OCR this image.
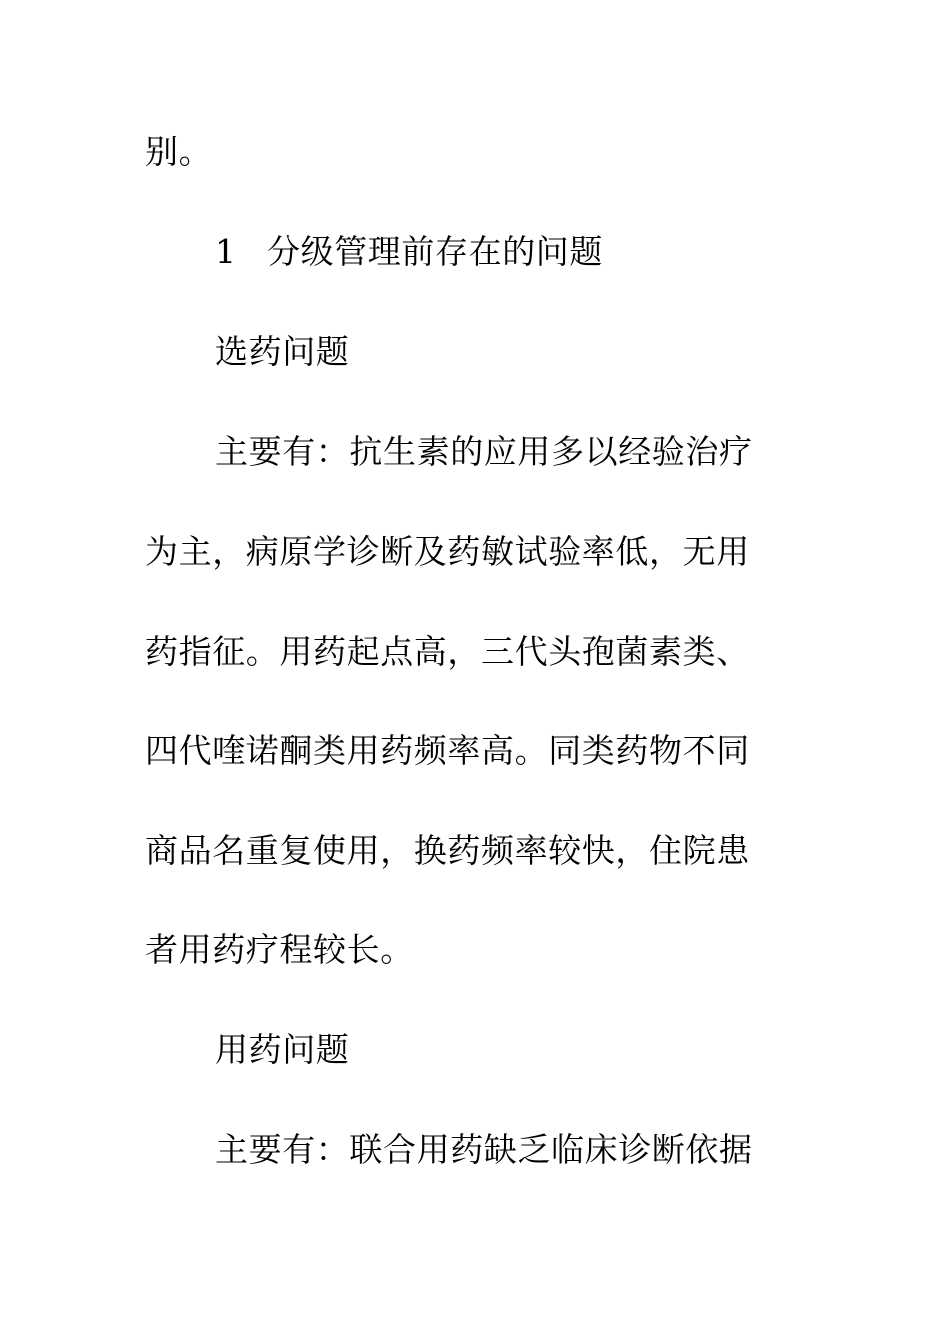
别。
1 分级管理前存在的问题
选药问题
主要有：抗生素的应用多以经验治疗
为主，病原学诊断及药敏试验率低，无用
药指征。用药起点高，三代头孢菌素类、
四代喹诺酮类用药频率高。同类药物不同
商品名重复使用，换药频率较快，住院患
者用药疗程较长。
用药问题
主要有：联合用药缺乏临床诊断依据
